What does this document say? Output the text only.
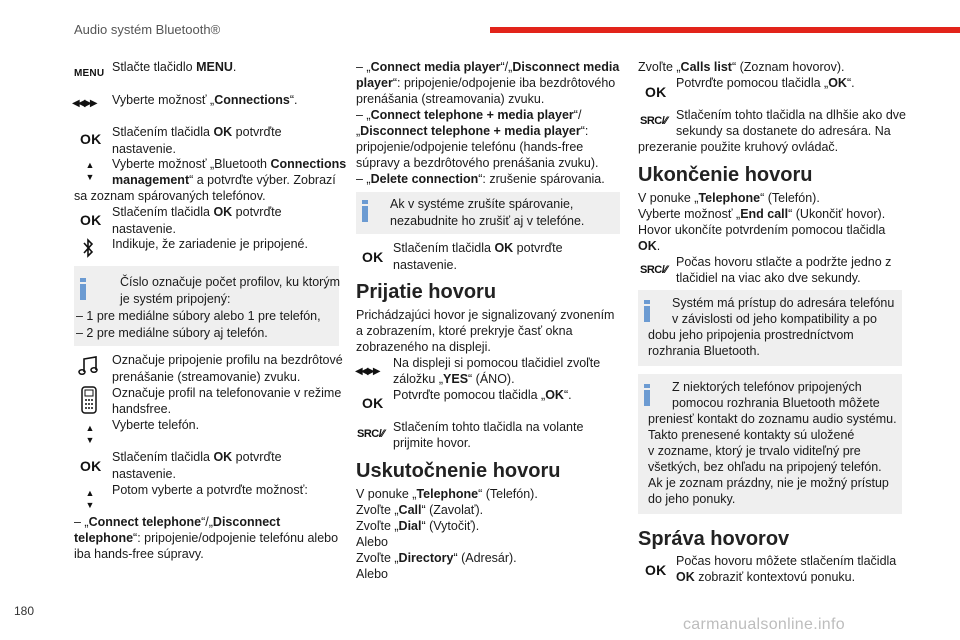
Audio systém Bluetooth®
MENU Stlačte tlačidlo MENU.
◀◀ ▶▶ Vyberte možnosť „Connections“.
OK Stlačením tlačidla OK potvrďte
nastavenie.
▲
▼
Vyberte možnosť „Bluetooth Connections
management“ a potvrďte výber. Zobrazí
sa zoznam spárovaných telefónov.
OK Stlačením tlačidla OK potvrďte
nastavenie.
Indikuje, že zariadenie je pripojené.
Číslo označuje počet profilov, ku ktorým
je systém pripojený:
– 1 pre mediálne súbory alebo 1 pre telefón,
– 2 pre mediálne súbory aj telefón.
Označuje pripojenie profilu na bezdrôtové
prenášanie (streamovanie) zvuku.
Označuje profil na telefonovanie v režime
handsfree.
▲
▼
Vyberte telefón.
OK
Stlačením tlačidla OK potvrďte
nastavenie.
▲
▼
Potom vyberte a potvrďte možnosť:
– „Connect telephone“/„Disconnect
telephone“: pripojenie/odpojenie telefónu alebo
iba hands-free súpravy.
– „Connect media player“/„Disconnect media
player“: pripojenie/odpojenie iba bezdrôtového
prenášania (streamovania) zvuku.
– „Connect telephone + media player“/
„Disconnect telephone + media player“:
pripojenie/odpojenie telefónu (hands-free
súpravy a bezdrôtového prenášania zvuku).
– „Delete connection“: zrušenie spárovania.
Ak v systéme zrušíte spárovanie,
nezabudnite ho zrušiť aj v telefóne.
OK
Stlačením tlačidla OK potvrďte
nastavenie.
Prijatie hovoru
Prichádzajúci hovor je signalizovaný zvonením
a zobrazením, ktoré prekryje časť okna
zobrazeného na displeji.
◀◀ ▶▶
Na displeji si pomocou tlačidiel zvoľte
záložku „YES“ (ÁNO).
OK Potvrďte pomocou tlačidla „OK“.
SRC/⁄⁄ Stlačením tohto tlačidla na volante
prijmite hovor.
Uskutočnenie hovoru
V ponuke „Telephone“ (Telefón).
Zvoľte „Call“ (Zavolať).
Zvoľte „Dial“ (Vytočiť).
Alebo
Zvoľte „Directory“ (Adresár).
Alebo
Zvoľte „Calls list“ (Zoznam hovorov).
OK
Potvrďte pomocou tlačidla „OK“.
SRC/⁄⁄ Stlačením tohto tlačidla na dlhšie ako dve
sekundy sa dostanete do adresára. Na
prezeranie použite kruhový ovládač.
Ukončenie hovoru
V ponuke „Telephone“ (Telefón).
Vyberte možnosť „End call“ (Ukončiť hovor).
Hovor ukončíte potvrdením pomocou tlačidla
OK.
SRC/⁄⁄
Počas hovoru stlačte a podržte jedno z
tlačidiel na viac ako dve sekundy.
Systém má prístup do adresára telefónu
v závislosti od jeho kompatibility a po
dobu jeho pripojenia prostredníctvom
rozhrania Bluetooth.
Z niektorých telefónov pripojených
pomocou rozhrania Bluetooth môžete
preniesť kontakt do zoznamu audio systému.
Takto prenesené kontakty sú uložené
v zozname, ktorý je trvalo viditeľný pre
všetkých, bez ohľadu na pripojený telefón.
Ak je zoznam prázdny, nie je možný prístup
do jeho ponuky.
Správa hovorov
OK
Počas hovoru môžete stlačením tlačidla
OK zobraziť kontextovú ponuku.
180
carmanualsonline.info
